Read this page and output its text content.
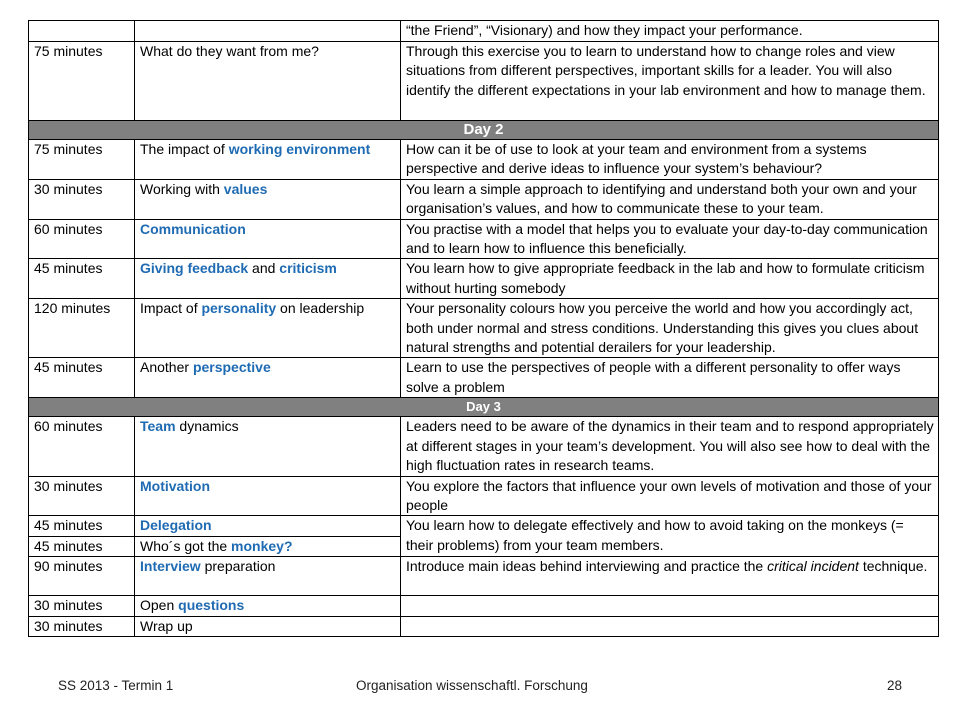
		“the Friend”, “Visionary) and how they impact your performance.
75 minutes	What do they want from me?	Through this exercise you to learn to understand how to change roles and view situations from different perspectives, important skills for a leader. You will also identify the different expectations in your lab environment and how to manage them.
Day 2		
75 minutes	The impact of working environment	How can it be of use to look at your team and environment from a systems perspective and derive ideas to influence your system’s behaviour?
30 minutes	Working with values	You learn a simple approach to identifying and understand both your own and your organisation’s values, and how to communicate these to your team.
60 minutes	Communication	You practise with a model that helps you to evaluate your day-to-day communication and to learn how to influence this beneficially.
45 minutes	Giving feedback and criticism	You learn how to give appropriate feedback in the lab and how to formulate criticism without hurting somebody
120 minutes	Impact of personality on leadership	Your personality colours how you perceive the world and how you accordingly act, both under normal and stress conditions. Understanding this gives you clues about natural strengths and potential derailers for your leadership.
45 minutes	Another perspective	Learn to use the perspectives of people with a different personality to offer ways solve a problem
Day 3		
60 minutes	Team dynamics	Leaders need to be aware of the dynamics in their team and to respond appropriately at different stages in your team’s development. You will also see how to deal with the high fluctuation rates in research teams.
30 minutes	Motivation	You explore the factors that influence your own levels of motivation and those of your people
45 minutes	Delegation	You learn how to delegate effectively and how to avoid taking on the monkeys (= their problems) from your team members.
45 minutes	Who´s got the monkey?	
90 minutes	Interview preparation	Introduce main ideas behind interviewing and practice the critical incident technique.
30 minutes	Open questions	
30 minutes	Wrap up	
SS 2013 - Termin 1	Organisation wissenschaftl. Forschung	28
